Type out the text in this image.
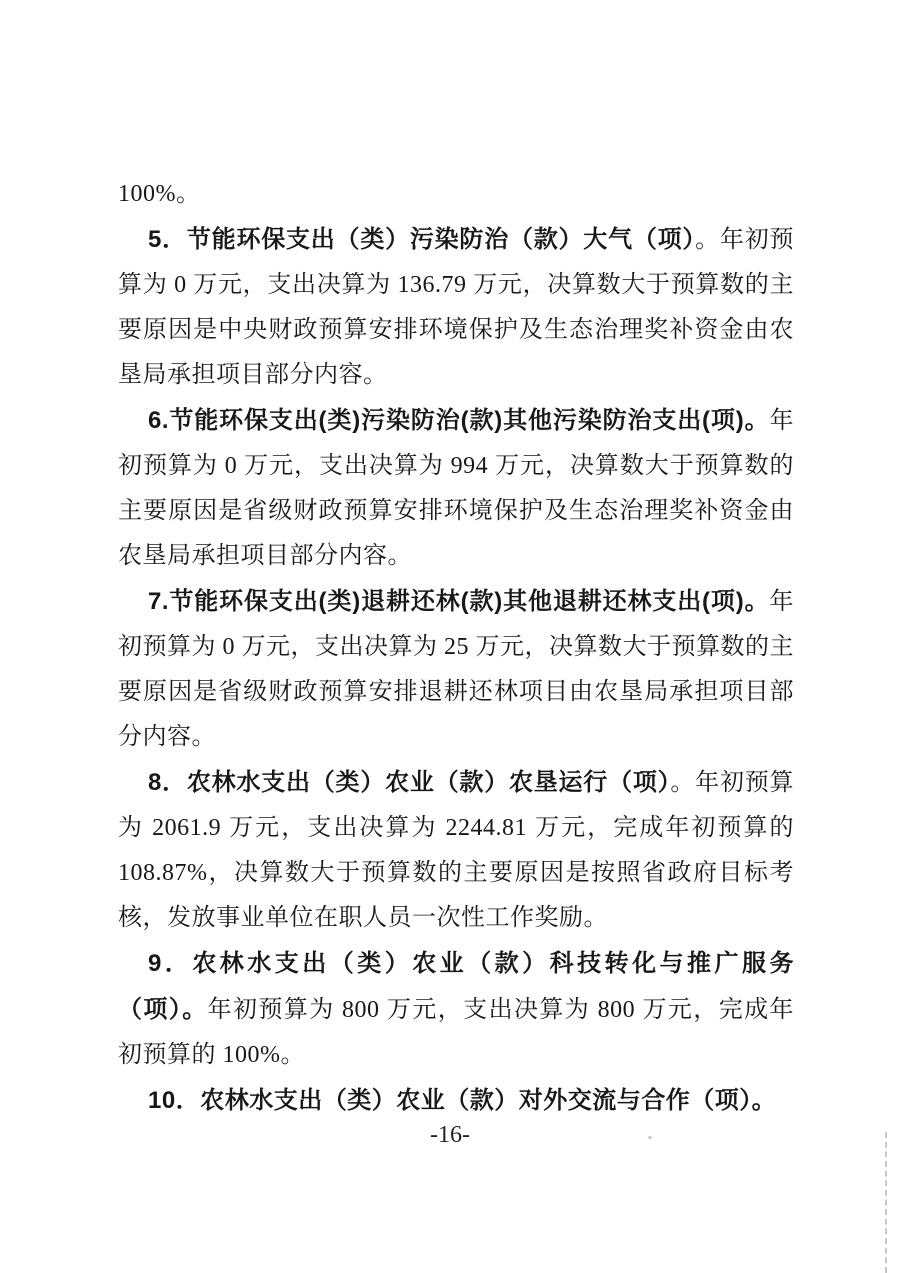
100%。

5．节能环保支出（类）污染防治（款）大气（项）。年初预算为 0 万元，支出决算为 136.79 万元，决算数大于预算数的主要原因是中央财政预算安排环境保护及生态治理奖补资金由农垦局承担项目部分内容。

6.节能环保支出(类)污染防治(款)其他污染防治支出(项)。年初预算为 0 万元，支出决算为 994 万元，决算数大于预算数的主要原因是省级财政预算安排环境保护及生态治理奖补资金由农垦局承担项目部分内容。

7.节能环保支出(类)退耕还林(款)其他退耕还林支出(项)。年初预算为 0 万元，支出决算为 25 万元，决算数大于预算数的主要原因是省级财政预算安排退耕还林项目由农垦局承担项目部分内容。

8．农林水支出（类）农业（款）农垦运行（项）。年初预算为 2061.9 万元，支出决算为 2244.81 万元，完成年初预算的 108.87%，决算数大于预算数的主要原因是按照省政府目标考核，发放事业单位在职人员一次性工作奖励。

9．农林水支出（类）农业（款）科技转化与推广服务（项）。年初预算为 800 万元，支出决算为 800 万元，完成年初预算的 100%。

10．农林水支出（类）农业（款）对外交流与合作（项）。

-16-
